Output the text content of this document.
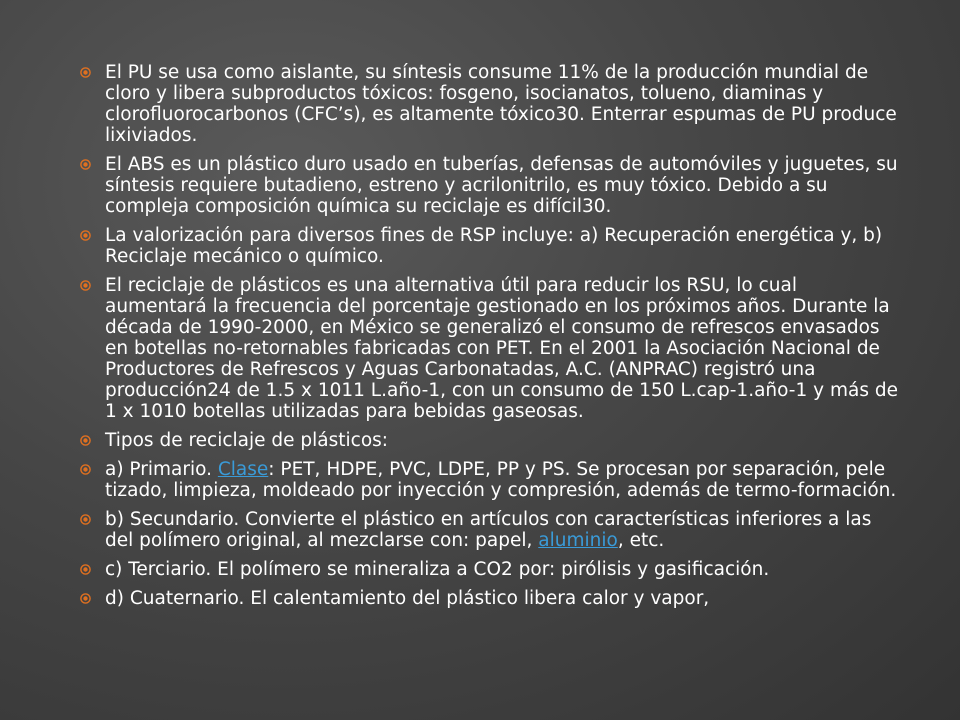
El PU se usa como aislante, su síntesis consume 11% de la producción mundial de cloro y libera subproductos tóxicos: fosgeno, isocianatos, tolueno, diaminas y clorofluorocarbonos (CFC’s), es altamente tóxico30. Enterrar espumas de PU produce lixiviados.
El ABS es un plástico duro usado en tuberías, defensas de automóviles y juguetes, su síntesis requiere butadieno, estreno y acrilonitrilo, es muy tóxico. Debido a su compleja composición química su reciclaje es difícil30.
La valorización para diversos fines de RSP incluye: a) Recuperación energética y, b) Reciclaje mecánico o químico.
El reciclaje de plásticos es una alternativa útil para reducir los RSU, lo cual aumentará la frecuencia del porcentaje gestionado en los próximos años. Durante la década de 1990-2000, en México se generalizó el consumo de refrescos envasados en botellas no-retornables fabricadas con PET. En el 2001 la Asociación Nacional de Productores de Refrescos y Aguas Carbonatadas, A.C. (ANPRAC) registró una producción24 de 1.5 x 1011 L.año-1, con un consumo de 150 L.cap-1.año-1 y más de 1 x 1010 botellas utilizadas para bebidas gaseosas.
Tipos de reciclaje de plásticos:
a) Primario. Clase: PET, HDPE, PVC, LDPE, PP y PS. Se procesan por separación, pele tizado, limpieza, moldeado por inyección y compresión, además de termo-formación.
b) Secundario. Convierte el plástico en artículos con características inferiores a las del polímero original, al mezclarse con: papel, aluminio, etc.
c) Terciario. El polímero se mineraliza a CO2 por: pirólisis y gasificación.
d) Cuaternario. El calentamiento del plástico libera calor y vapor,
